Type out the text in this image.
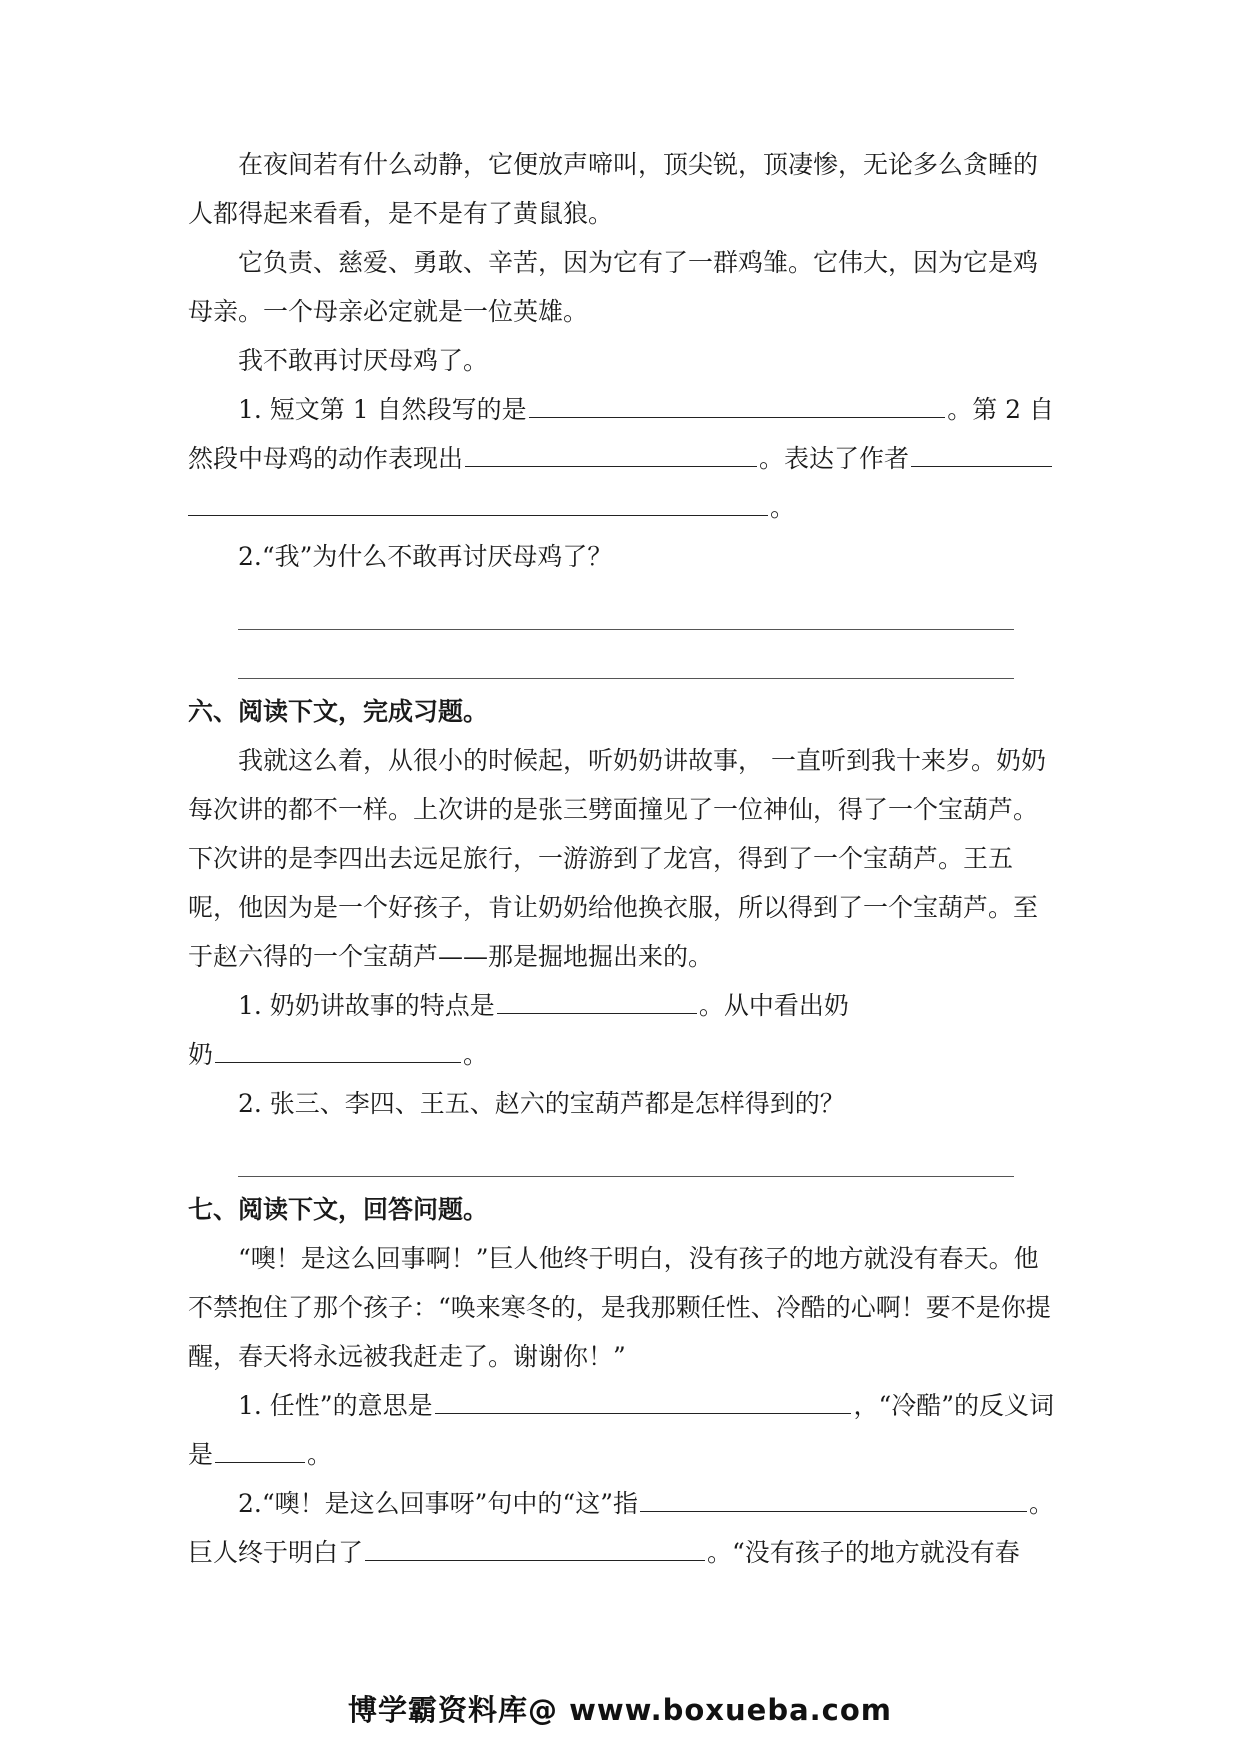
在夜间若有什么动静，它便放声啼叫，顶尖锐，顶凄惨，无论多么贪睡的人都得起来看看，是不是有了黄鼠狼。

它负责、慈爱、勇敢、辛苦，因为它有了一群鸡雏。它伟大，因为它是鸡母亲。一个母亲必定就是一位英雄。

我不敢再讨厌母鸡了。

1. 短文第 1 自然段写的是	。第 2 自
然段中母鸡的动作表现出	。表达了作者
。

2.“我”为什么不敢再讨厌母鸡了？

六、阅读下文，完成习题。

我就这么着，从很小的时候起，听奶奶讲故事， 一直听到我十来岁。奶奶每次讲的都不一样。上次讲的是张三劈面撞见了一位神仙，得了一个宝葫芦。下次讲的是李四出去远足旅行，一游游到了龙宫，得到了一个宝葫芦。王五呢，他因为是一个好孩子，肯让奶奶给他换衣服，所以得到了一个宝葫芦。至于赵六得的一个宝葫芦——那是掘地掘出来的。

1. 奶奶讲故事的特点是	。从中看出奶
奶	。

2. 张三、李四、王五、赵六的宝葫芦都是怎样得到的？

七、阅读下文，回答问题。

“噢！是这么回事啊！”巨人他终于明白，没有孩子的地方就没有春天。他不禁抱住了那个孩子：“唤来寒冬的，是我那颗任性、冷酷的心啊！要不是你提醒，春天将永远被我赶走了。谢谢你！”

1. 任性”的意思是	，“冷酷”的反义词
是	。
2.“噢！是这么回事呀”句中的“这”指	。
巨人终于明白了	。“没有孩子的地方就没有春
博学霸资料库@ www.boxueba.com
